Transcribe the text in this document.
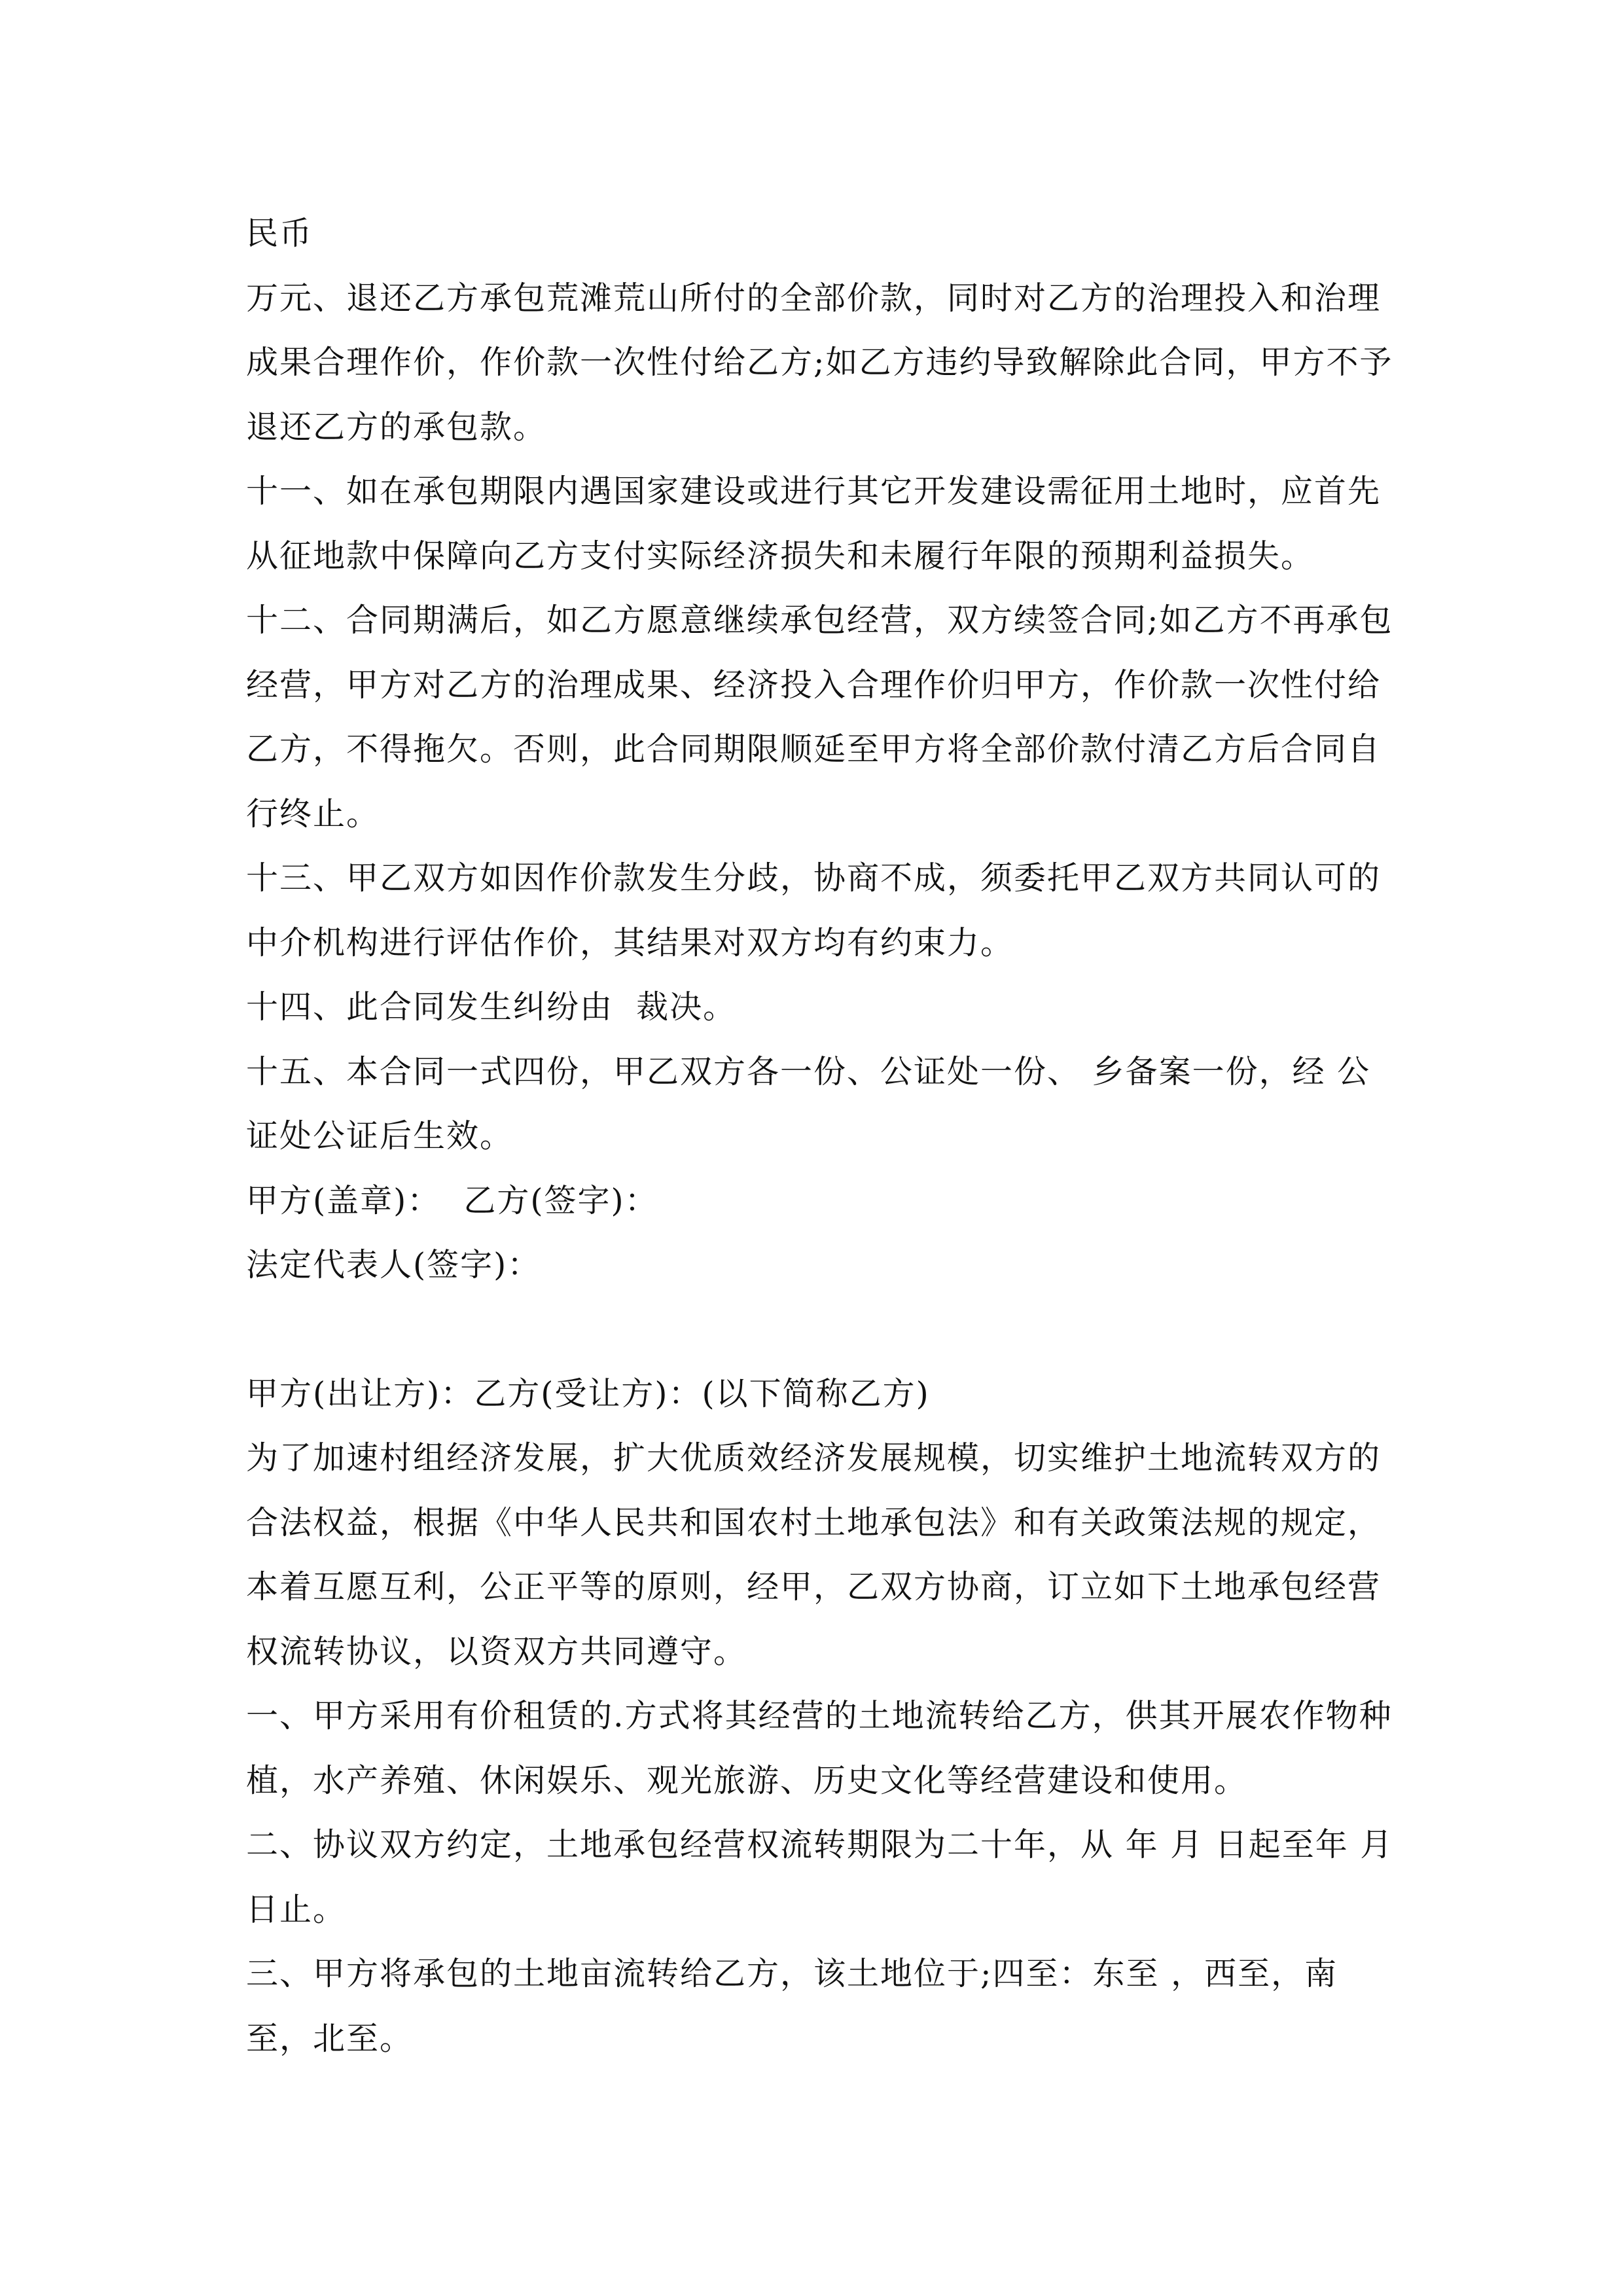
民币

万元、退还乙方承包荒滩荒山所付的全部价款，同时对乙方的治理投入和治理成果合理作价，作价款一次性付给乙方;如乙方违约导致解除此合同，甲方不予退还乙方的承包款。

十一、如在承包期限内遇国家建设或进行其它开发建设需征用土地时，应首先从征地款中保障向乙方支付实际经济损失和未履行年限的预期利益损失。

十二、合同期满后，如乙方愿意继续承包经营，双方续签合同;如乙方不再承包经营，甲方对乙方的治理成果、经济投入合理作价归甲方，作价款一次性付给乙方，不得拖欠。否则，此合同期限顺延至甲方将全部价款付清乙方后合同自行终止。

十三、甲乙双方如因作价款发生分歧，协商不成，须委托甲乙双方共同认可的中介机构进行评估作价，其结果对双方均有约束力。

十四、此合同发生纠纷由  裁决。

十五、本合同一式四份，甲乙双方各一份、公证处一份、 乡备案一份，经 公证处公证后生效。

甲方(盖章)：  乙方(签字)：

法定代表人(签字)：

甲方(出让方)：乙方(受让方)：(以下简称乙方)

为了加速村组经济发展，扩大优质效经济发展规模，切实维护土地流转双方的合法权益，根据《中华人民共和国农村土地承包法》和有关政策法规的规定，本着互愿互利，公正平等的原则，经甲，乙双方协商，订立如下土地承包经营权流转协议，以资双方共同遵守。

一、甲方采用有价租赁的.方式将其经营的土地流转给乙方，供其开展农作物种植，水产养殖、休闲娱乐、观光旅游、历史文化等经营建设和使用。

二、协议双方约定，土地承包经营权流转期限为二十年，从 年 月 日起至年 月日止。

三、甲方将承包的土地亩流转给乙方，该土地位于;四至：东至 ，西至，南至，北至。
